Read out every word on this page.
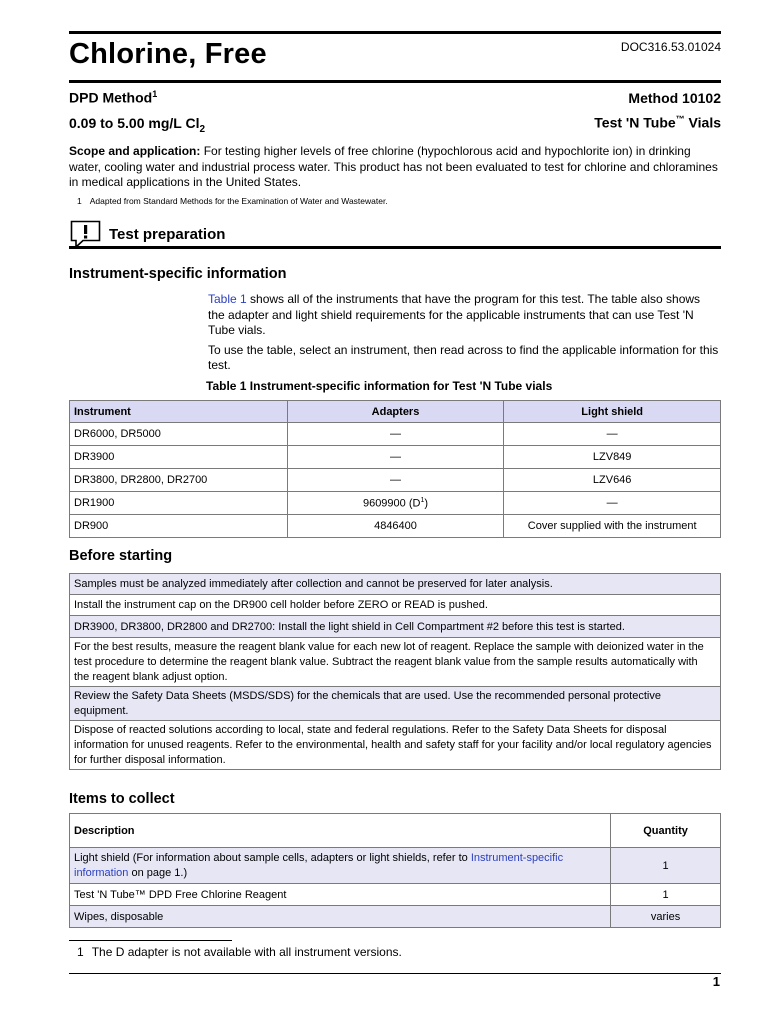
Chlorine, Free	DOC316.53.01024
DPD Method$^1$	Method 10102
0.09 to 5.00 mg/L $Cl_2$	Test 'N Tube™ Vials
Scope and application: For testing higher levels of free chlorine (hypochlorous acid and hypochlorite ion) in drinking water, cooling water and industrial process water. This product has not been evaluated to test for chlorine and chloramines in medical applications in the United States.
1 Adapted from Standard Methods for the Examination of Water and Wastewater.
Test preparation
Instrument-specific information

Table 1 shows all of the instruments that have the program for this test. The table also shows the adapter and light shield requirements for the applicable instruments that can use Test 'N Tube vials.

To use the table, select an instrument, then read across to find the applicable information for this test.

Table 1 Instrument-specific information for Test 'N Tube vials
Instrument	Adapters	Light shield
DR6000, DR5000	—	—
DR3900	—	LZV849
DR3800, DR2800, DR2700	—	LZV646
DR1900	9609900 $(D^1)$	—
DR900	4846400	Cover supplied with the instrument
Before starting
Samples must be analyzed immediately after collection and cannot be preserved for later analysis.
Install the instrument cap on the DR900 cell holder before ZERO or READ is pushed.
DR3900, DR3800, DR2800 and DR2700: Install the light shield in Cell Compartment #2 before this test is started.
For the best results, measure the reagent blank value for each new lot of reagent. Replace the sample with deionized water in the test procedure to determine the reagent blank value. Subtract the reagent blank value from the sample results automatically with the reagent blank adjust option.
Review the Safety Data Sheets (MSDS/SDS) for the chemicals that are used. Use the recommended personal protective equipment.
Dispose of reacted solutions according to local, state and federal regulations. Refer to the Safety Data Sheets for disposal information for unused reagents. Refer to the environmental, health and safety staff for your facility and/or local regulatory agencies for further disposal information.
Items to collect
Description	Quantity
Light shield (For information about sample cells, adapters or light shields, refer to Instrument-specific information on page 1.)	1
Test 'N Tube™ DPD Free Chlorine Reagent	1
Wipes, disposable	varies
1 The D adapter is not available with all instrument versions.
1
